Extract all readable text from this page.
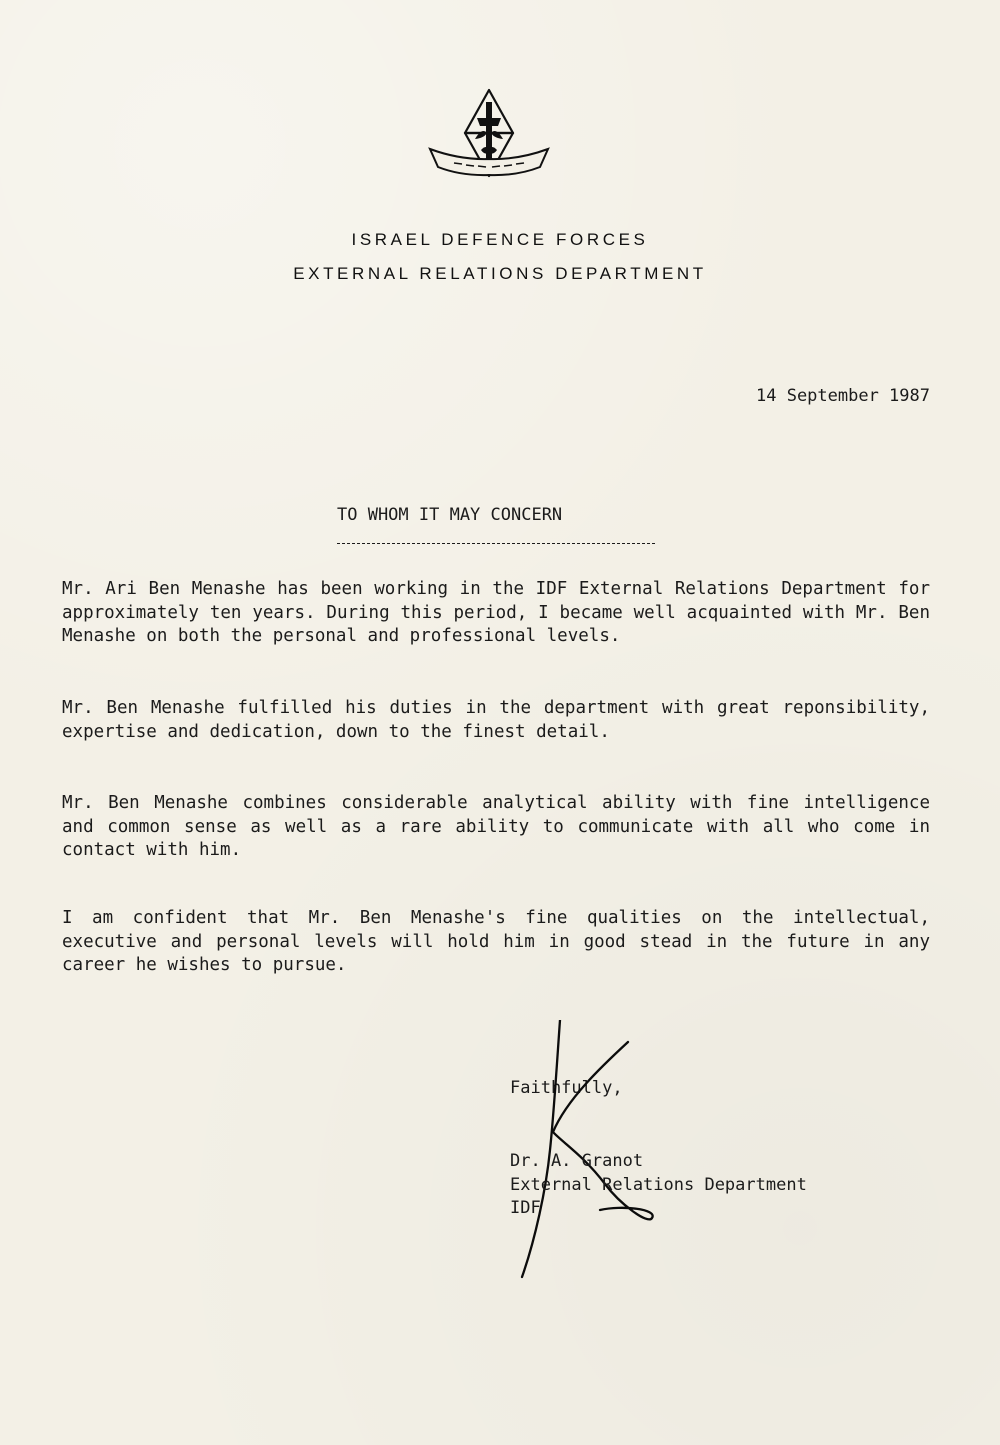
ISRAEL DEFENCE FORCES
EXTERNAL RELATIONS DEPARTMENT
14 September 1987
TO WHOM IT MAY CONCERN
Mr. Ari Ben Menashe has been working in the IDF External Relations Department for approximately ten years. During this period, I became well acquainted with Mr. Ben Menashe on both the personal and professional levels.
Mr. Ben Menashe fulfilled his duties in the department with great reponsibility, expertise and dedication, down to the finest detail.
Mr. Ben Menashe combines considerable analytical ability with fine intelligence and common sense as well as a rare ability to communicate with all who come in contact with him.
I am confident that Mr. Ben Menashe's fine qualities on the intellectual, executive and personal levels will hold him in good stead in the future in any career he wishes to pursue.
Faithfully,
Dr. A. Granot
External Relations Department
IDF
